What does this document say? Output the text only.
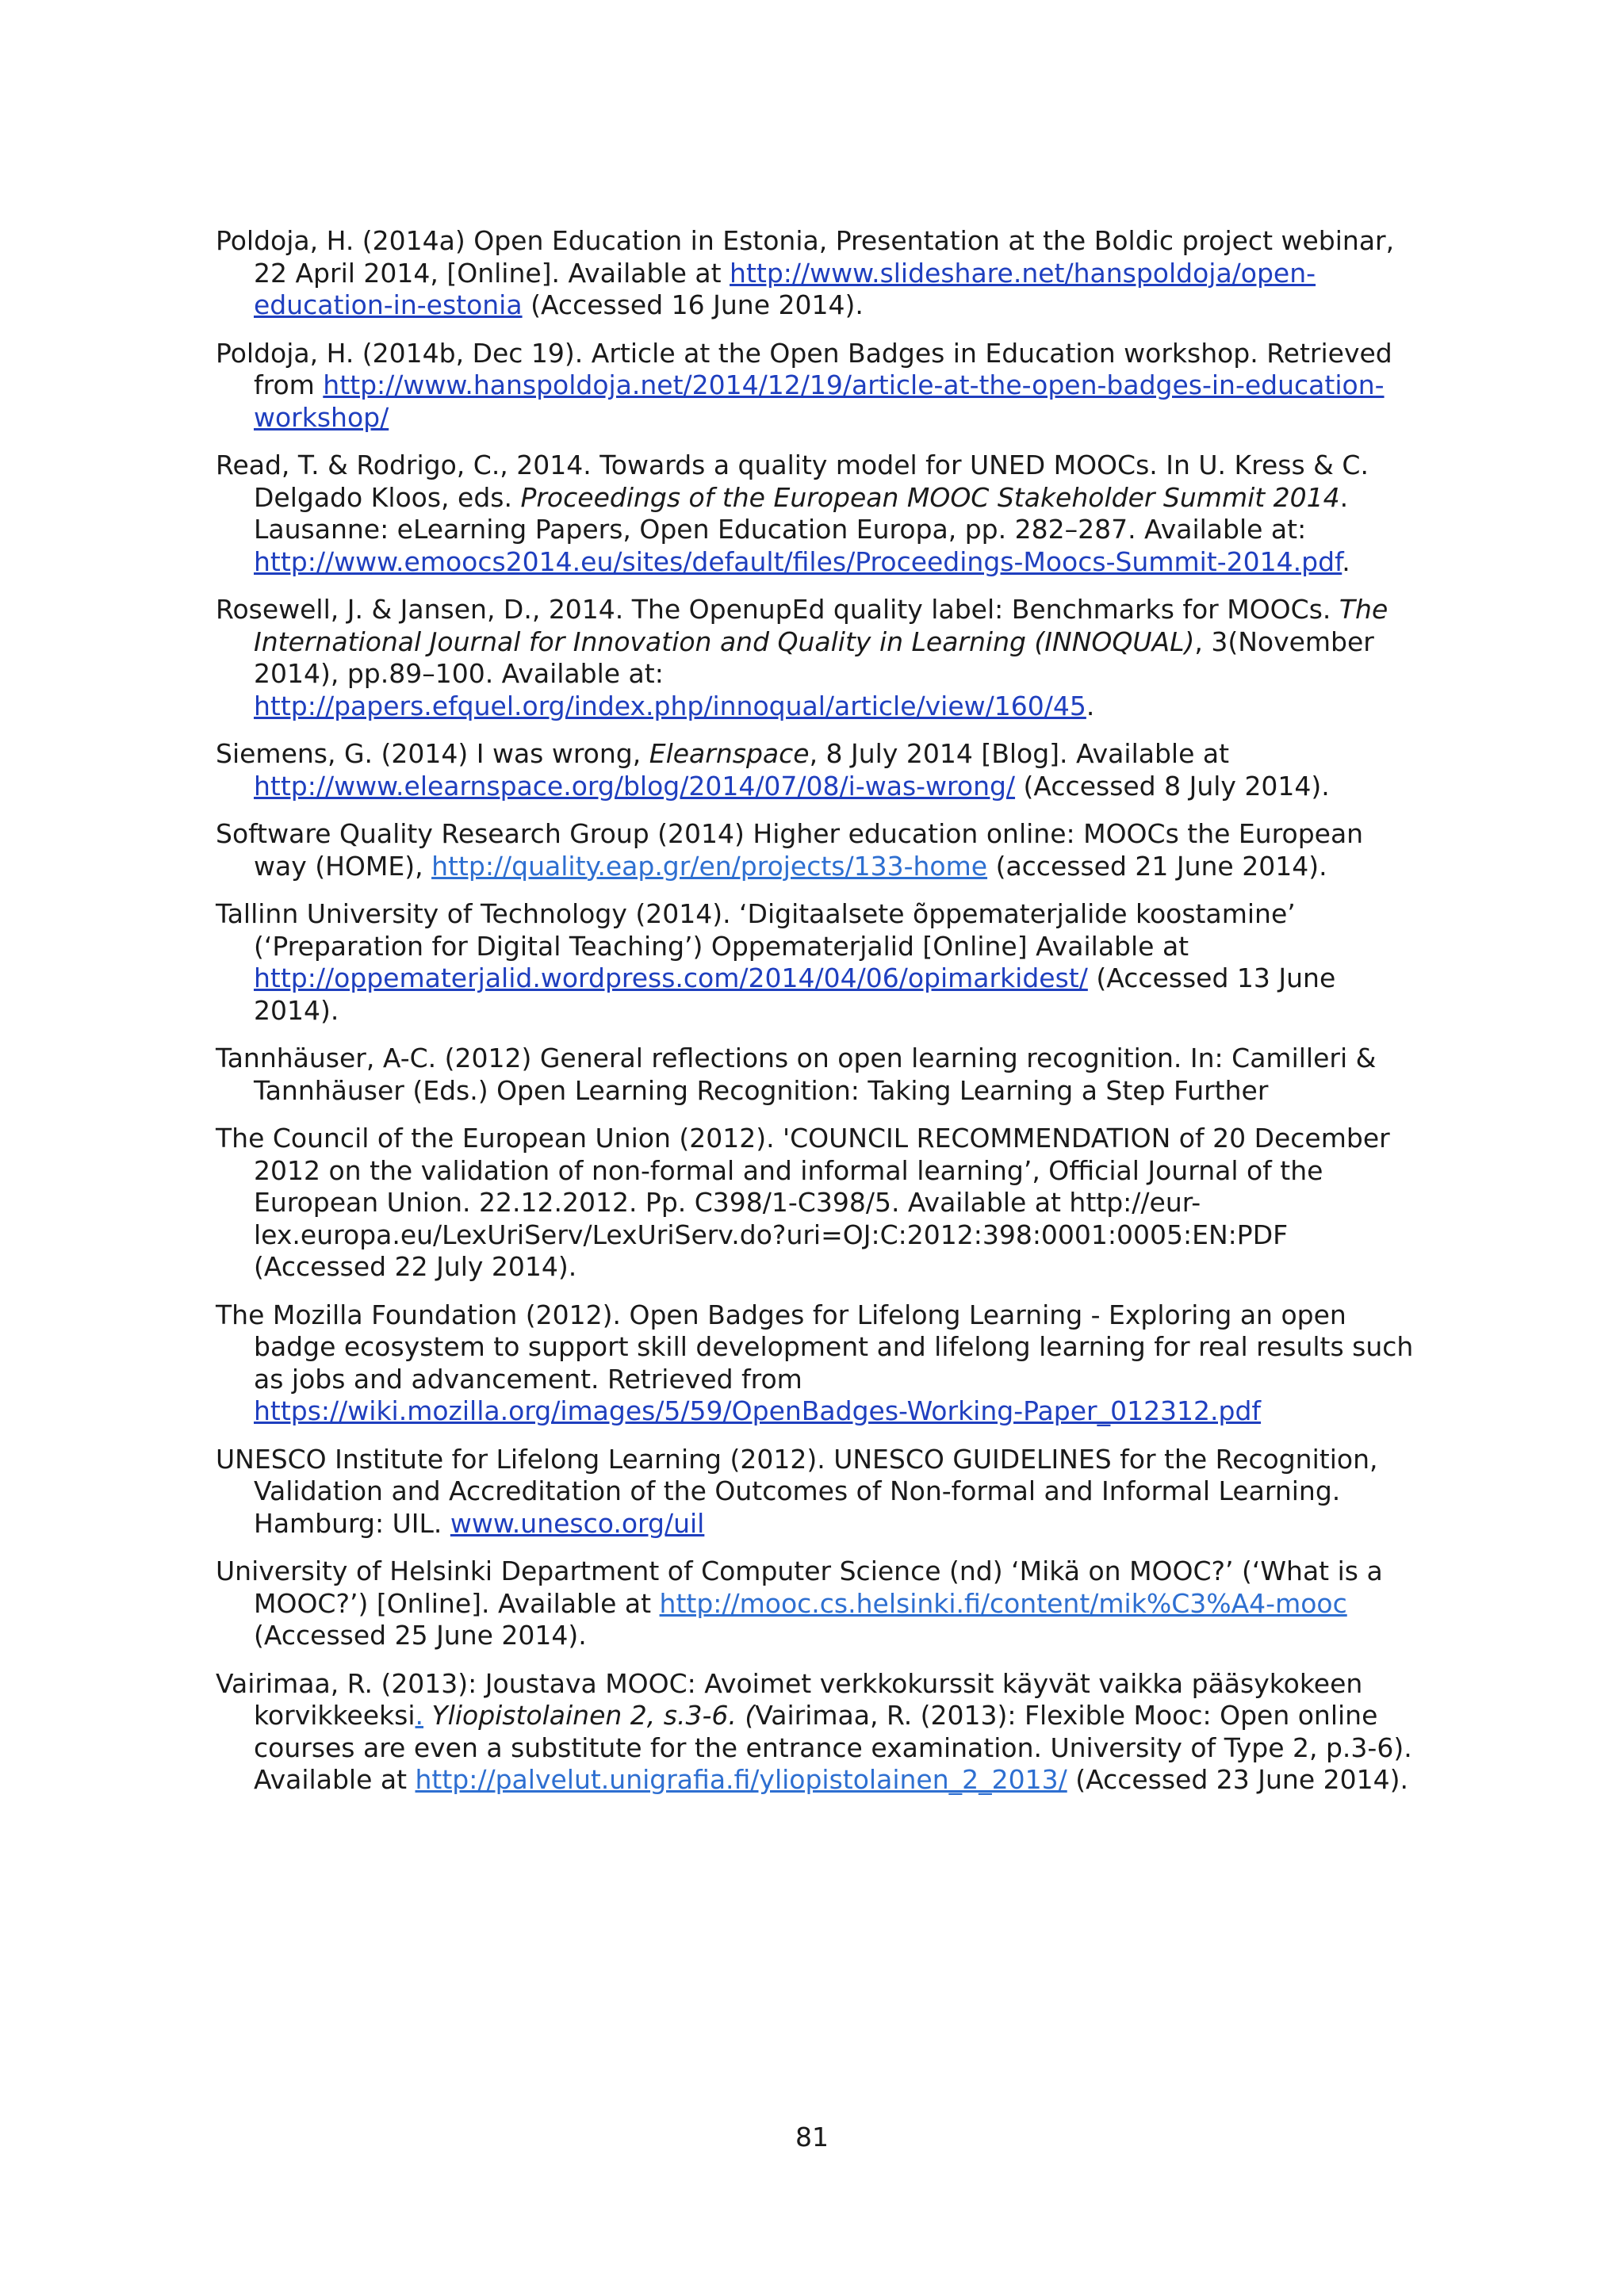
Poldoja, H. (2014a) Open Education in Estonia, Presentation at the Boldic project webinar, 22 April 2014, [Online]. Available at http://www.slideshare.net/hanspoldoja/open-education-in-estonia (Accessed 16 June 2014).

Poldoja, H. (2014b, Dec 19). Article at the Open Badges in Education workshop. Retrieved from http://www.hanspoldoja.net/2014/12/19/article-at-the-open-badges-in-education-workshop/

Read, T. & Rodrigo, C., 2014. Towards a quality model for UNED MOOCs. In U. Kress & C. Delgado Kloos, eds. Proceedings of the European MOOC Stakeholder Summit 2014. Lausanne: eLearning Papers, Open Education Europa, pp. 282–287. Available at: http://www.emoocs2014.eu/sites/default/files/Proceedings-Moocs-Summit-2014.pdf.

Rosewell, J. & Jansen, D., 2014. The OpenupEd quality label: Benchmarks for MOOCs. The International Journal for Innovation and Quality in Learning (INNOQUAL), 3(November 2014), pp.89–100. Available at: http://papers.efquel.org/index.php/innoqual/article/view/160/45.

Siemens, G. (2014) I was wrong, Elearnspace, 8 July 2014 [Blog]. Available at http://www.elearnspace.org/blog/2014/07/08/i-was-wrong/ (Accessed 8 July 2014).

Software Quality Research Group (2014) Higher education online: MOOCs the European way (HOME), http://quality.eap.gr/en/projects/133-home (accessed 21 June 2014).

Tallinn University of Technology (2014). ‘Digitaalsete õppematerjalide koostamine’ (‘Preparation for Digital Teaching’) Oppematerjalid [Online] Available at http://oppematerjalid.wordpress.com/2014/04/06/opimarkidest/ (Accessed 13 June 2014).

Tannhäuser, A-C. (2012) General reflections on open learning recognition. In: Camilleri & Tannhäuser (Eds.) Open Learning Recognition: Taking Learning a Step Further

The Council of the European Union (2012). 'COUNCIL RECOMMENDATION of 20 December 2012 on the validation of non-formal and informal learning’, Official Journal of the European Union. 22.12.2012. Pp. C398/1-C398/5. Available at http://eur-lex.europa.eu/LexUriServ/LexUriServ.do?uri=OJ:C:2012:398:0001:0005:EN:PDF (Accessed 22 July 2014).

The Mozilla Foundation (2012). Open Badges for Lifelong Learning - Exploring an open badge ecosystem to support skill development and lifelong learning for real results such as jobs and advancement. Retrieved from https://wiki.mozilla.org/images/5/59/OpenBadges-Working-Paper_012312.pdf

UNESCO Institute for Lifelong Learning (2012). UNESCO GUIDELINES for the Recognition, Validation and Accreditation of the Outcomes of Non-formal and Informal Learning. Hamburg: UIL. www.unesco.org/uil

University of Helsinki Department of Computer Science (nd) ‘Mikä on MOOC?’ (‘What is a MOOC?’) [Online]. Available at http://mooc.cs.helsinki.fi/content/mik%C3%A4-mooc (Accessed 25 June 2014).

Vairimaa, R. (2013): Joustava MOOC: Avoimet verkkokurssit käyvät vaikka pääsykokeen korvikkeeksi. Yliopistolainen 2, s.3-6. (Vairimaa, R. (2013): Flexible Mooc: Open online courses are even a substitute for the entrance examination. University of Type 2, p.3-6). Available at http://palvelut.unigrafia.fi/yliopistolainen_2_2013/ (Accessed 23 June 2014).

81
